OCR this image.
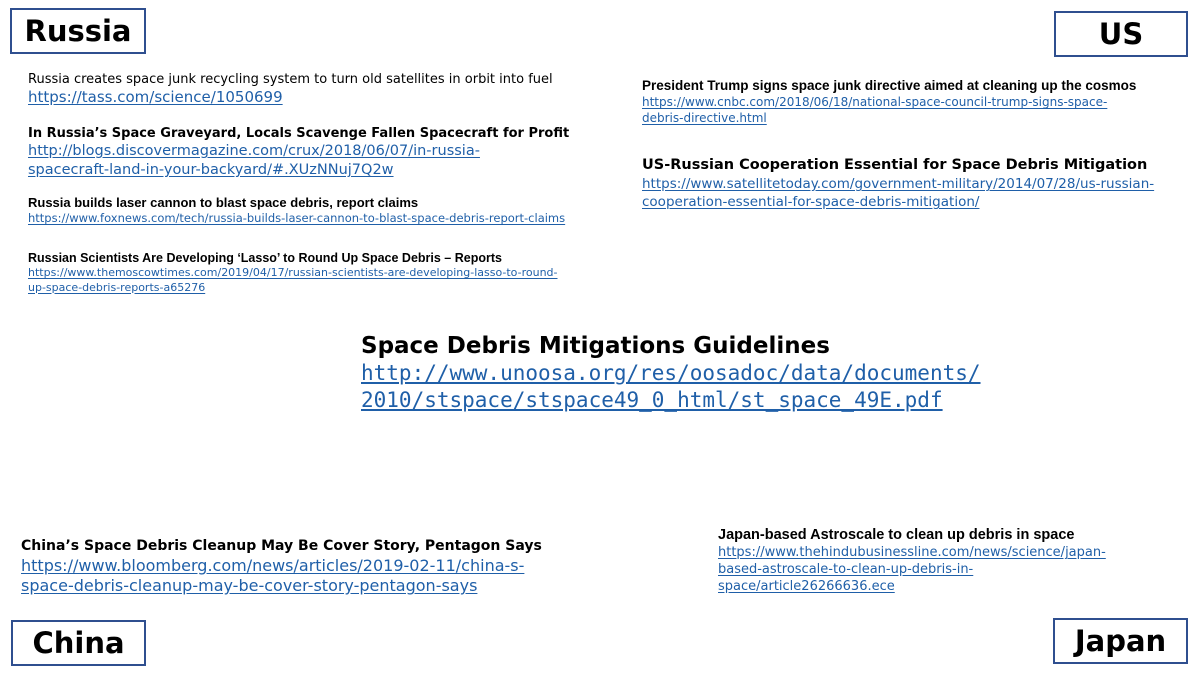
Russia	US
China	Japan
Russia creates space junk recycling system to turn old satellites in orbit into fuel
https://tass.com/science/1050699
In Russia’s Space Graveyard, Locals Scavenge Fallen Spacecraft for Profit
http://blogs.discovermagazine.com/crux/2018/06/07/in-russia-
spacecraft-land-in-your-backyard/#.XUzNNuj7Q2w
Russia builds laser cannon to blast space debris, report claims
https://www.foxnews.com/tech/russia-builds-laser-cannon-to-blast-space-debris-report-claims
Russian Scientists Are Developing ‘Lasso’ to Round Up Space Debris – Reports
https://www.themoscowtimes.com/2019/04/17/russian-scientists-are-developing-lasso-to-round-
up-space-debris-reports-a65276
President Trump signs space junk directive aimed at cleaning up the cosmos
https://www.cnbc.com/2018/06/18/national-space-council-trump-signs-space-
debris-directive.html
US-Russian Cooperation Essential for Space Debris Mitigation
https://www.satellitetoday.com/government-military/2014/07/28/us-russian-
cooperation-essential-for-space-debris-mitigation/
Space Debris Mitigations Guidelines
http://www.unoosa.org/res/oosadoc/data/documents/
2010/stspace/stspace49_0_html/st_space_49E.pdf
China’s Space Debris Cleanup May Be Cover Story, Pentagon Says
https://www.bloomberg.com/news/articles/2019-02-11/china-s-
space-debris-cleanup-may-be-cover-story-pentagon-says
Japan-based Astroscale to clean up debris in space
https://www.thehindubusinessline.com/news/science/japan-
based-astroscale-to-clean-up-debris-in-
space/article26266636.ece
